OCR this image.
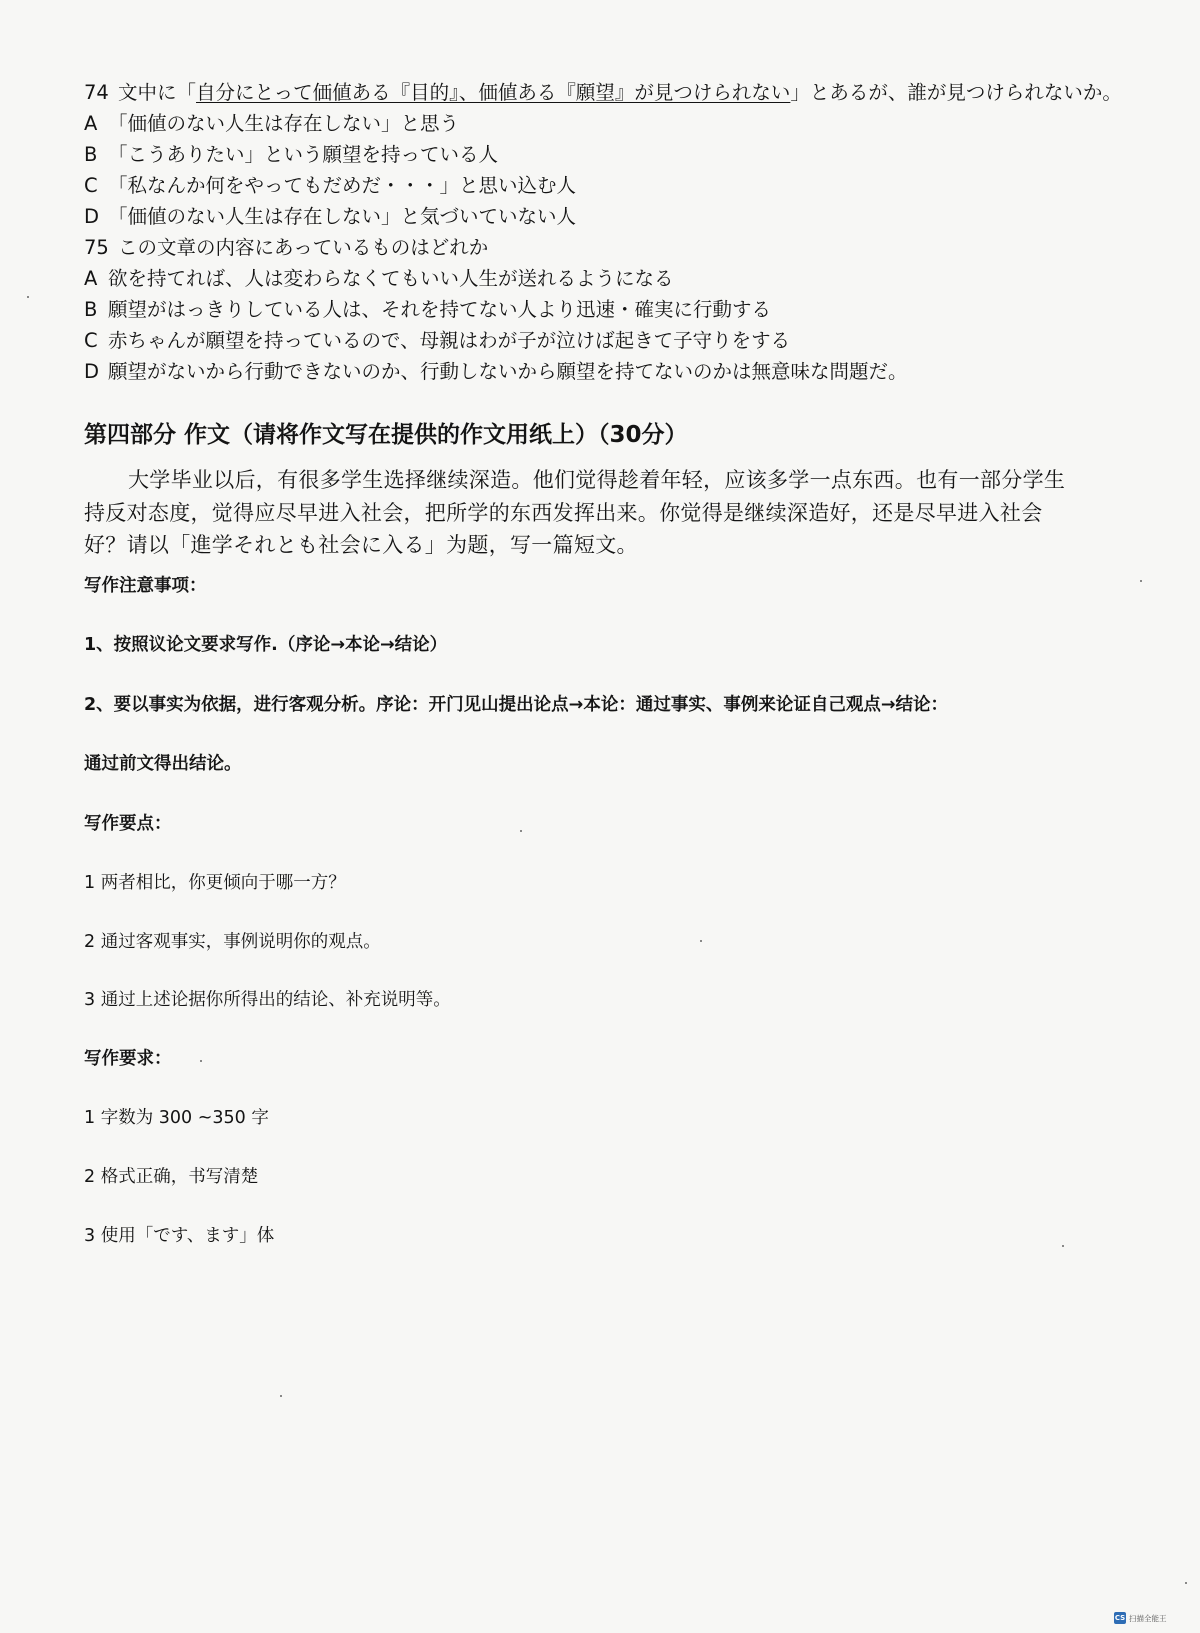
74 文中に「自分にとって価値ある『目的』、価値ある『願望』が見つけられない」とあるが、誰が見つけられないか。
A 「価値のない人生は存在しない」と思う
B 「こうありたい」という願望を持っている人
C 「私なんか何をやってもだめだ・・・」と思い込む人
D 「価値のない人生は存在しない」と気づいていない人
75 この文章の内容にあっているものはどれか
A 欲を持てれば、人は変わらなくてもいい人生が送れるようになる
B 願望がはっきりしている人は、それを持てない人より迅速・確実に行動する
C 赤ちゃんが願望を持っているので、母親はわが子が泣けば起きて子守りをする
D 願望がないから行動できないのか、行動しないから願望を持てないのかは無意味な問題だ。
第四部分 作文（请将作文写在提供的作文用纸上）（30分）
大学毕业以后，有很多学生选择继续深造。他们觉得趁着年轻，应该多学一点东西。也有一部分学生持反对态度，觉得应尽早进入社会，把所学的东西发挥出来。你觉得是继续深造好，还是尽早进入社会好？请以「進学それとも社会に入る」为题，写一篇短文。
写作注意事项：
1、按照议论文要求写作.（序论→本论→结论）
2、要以事实为依据，进行客观分析。序论：开门见山提出论点→本论：通过事实、事例来论证自己观点→结论：
通过前文得出结论。
写作要点：
1 两者相比，你更倾向于哪一方？
2 通过客观事实，事例说明你的观点。
3 通过上述论据你所得出的结论、补充说明等。
写作要求：
1 字数为 300 ~350 字
2 格式正确，书写清楚
3 使用「です、ます」体
CS 扫描全能王
